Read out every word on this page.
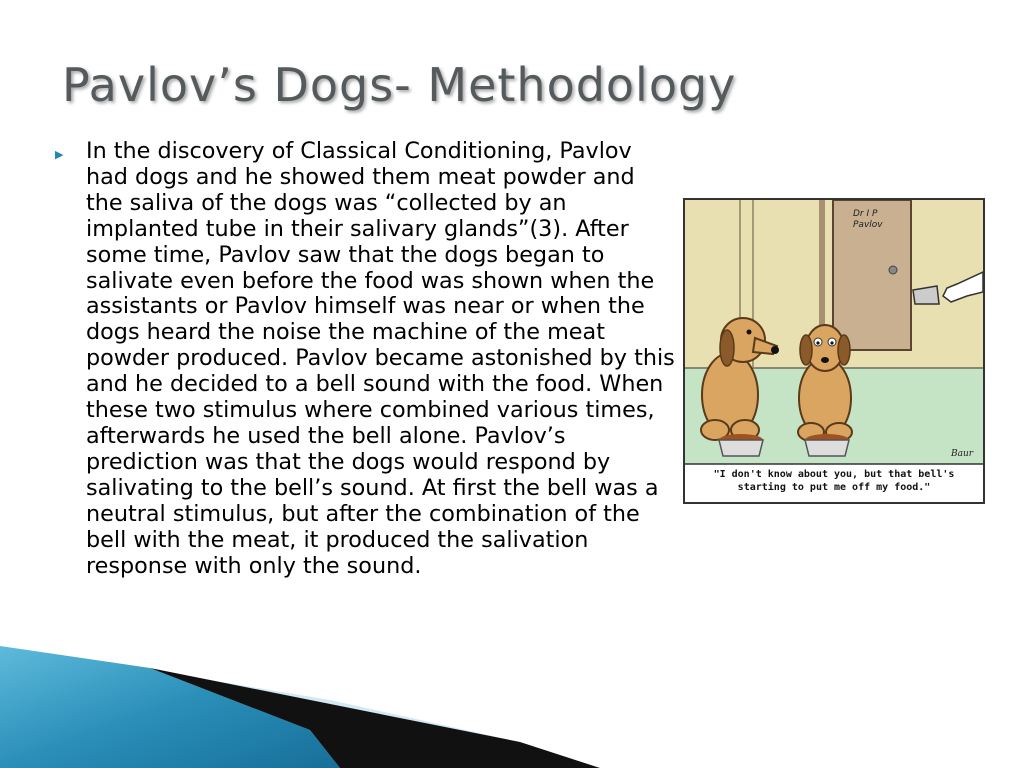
Pavlov’s Dogs- Methodology
▶ In the discovery of Classical Conditioning, Pavlov had dogs and he showed them meat powder and the saliva of the dogs was “collected by an implanted tube in their salivary glands”(3). After some time, Pavlov saw that the dogs began to salivate even before the food was shown when the assistants or Pavlov himself was near or when the dogs heard the noise the machine of the meat powder produced. Pavlov became astonished by this and he decided to a bell sound with the food. When these two stimulus where combined various times, afterwards he used the bell alone. Pavlov’s prediction was that the dogs would respond by salivating to the bell’s sound. At first the bell was a neutral stimulus, but after the combination of the bell with the meat, it produced the salivation response with only the sound.

Dr I P
Pavlov
Baur
"I don't know about you, but that bell's
starting to put me off my food."
